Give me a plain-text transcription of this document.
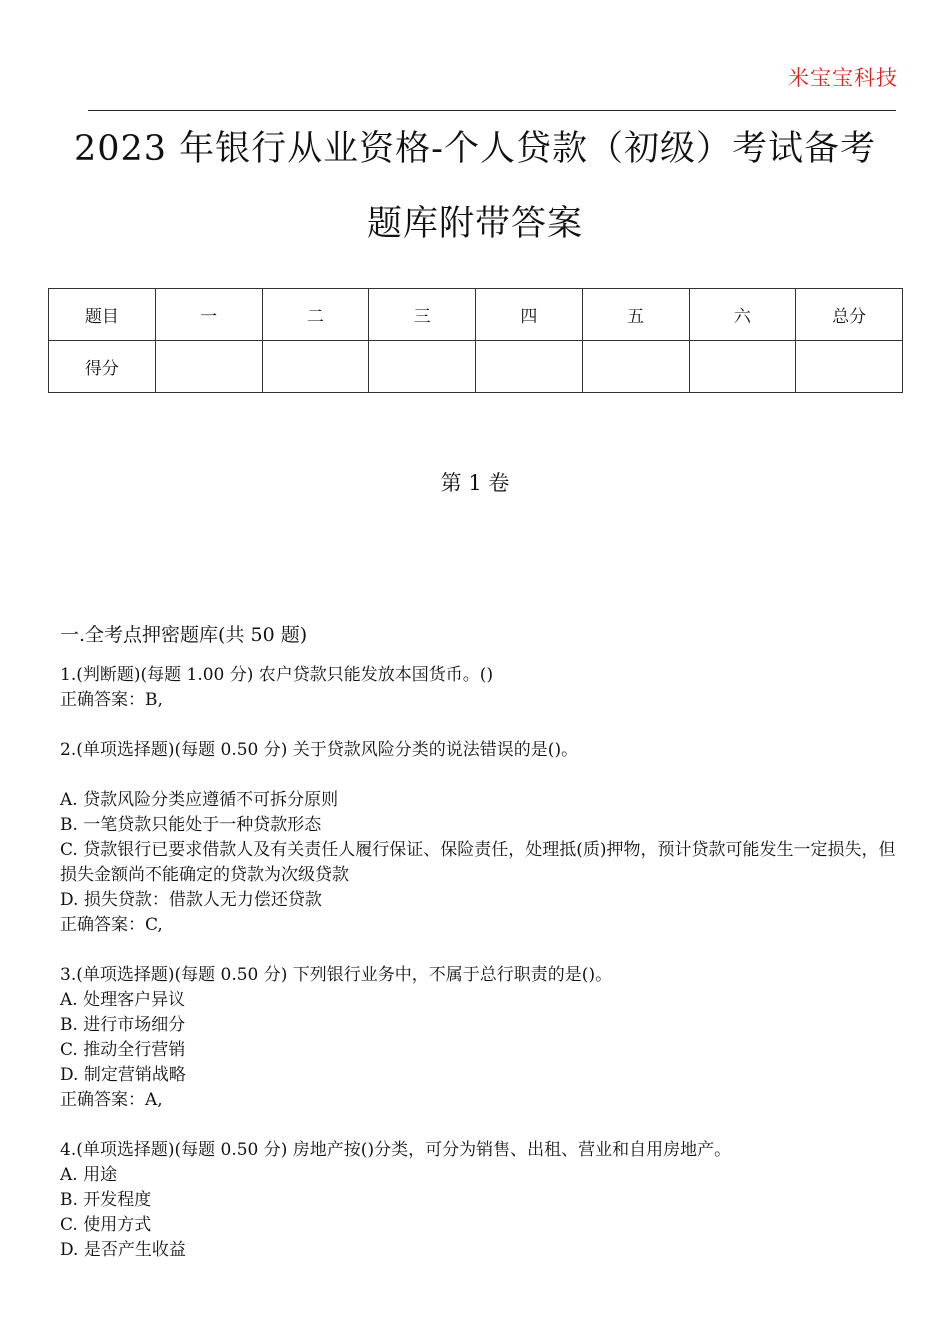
米宝宝科技
2023 年银行从业资格-个人贷款（初级）考试备考
题库附带答案
题目	一	二	三	四	五	六	总分
得分							
第 1 卷
一.全考点押密题库(共 50 题)

1.(判断题)(每题 1.00 分) 农户贷款只能发放本国货币。()

正确答案：B,

2.(单项选择题)(每题 0.50 分) 关于贷款风险分类的说法错误的是()。

A. 贷款风险分类应遵循不可拆分原则

B. 一笔贷款只能处于一种贷款形态

C. 贷款银行已要求借款人及有关责任人履行保证、保险责任，处理抵(质)押物，预计贷款可能发生一定损失，但损失金额尚不能确定的贷款为次级贷款

D. 损失贷款：借款人无力偿还贷款

正确答案：C,

3.(单项选择题)(每题 0.50 分) 下列银行业务中，不属于总行职责的是()。

A. 处理客户异议

B. 进行市场细分

C. 推动全行营销

D. 制定营销战略

正确答案：A,

4.(单项选择题)(每题 0.50 分) 房地产按()分类，可分为销售、出租、营业和自用房地产。

A. 用途

B. 开发程度

C. 使用方式

D. 是否产生收益
